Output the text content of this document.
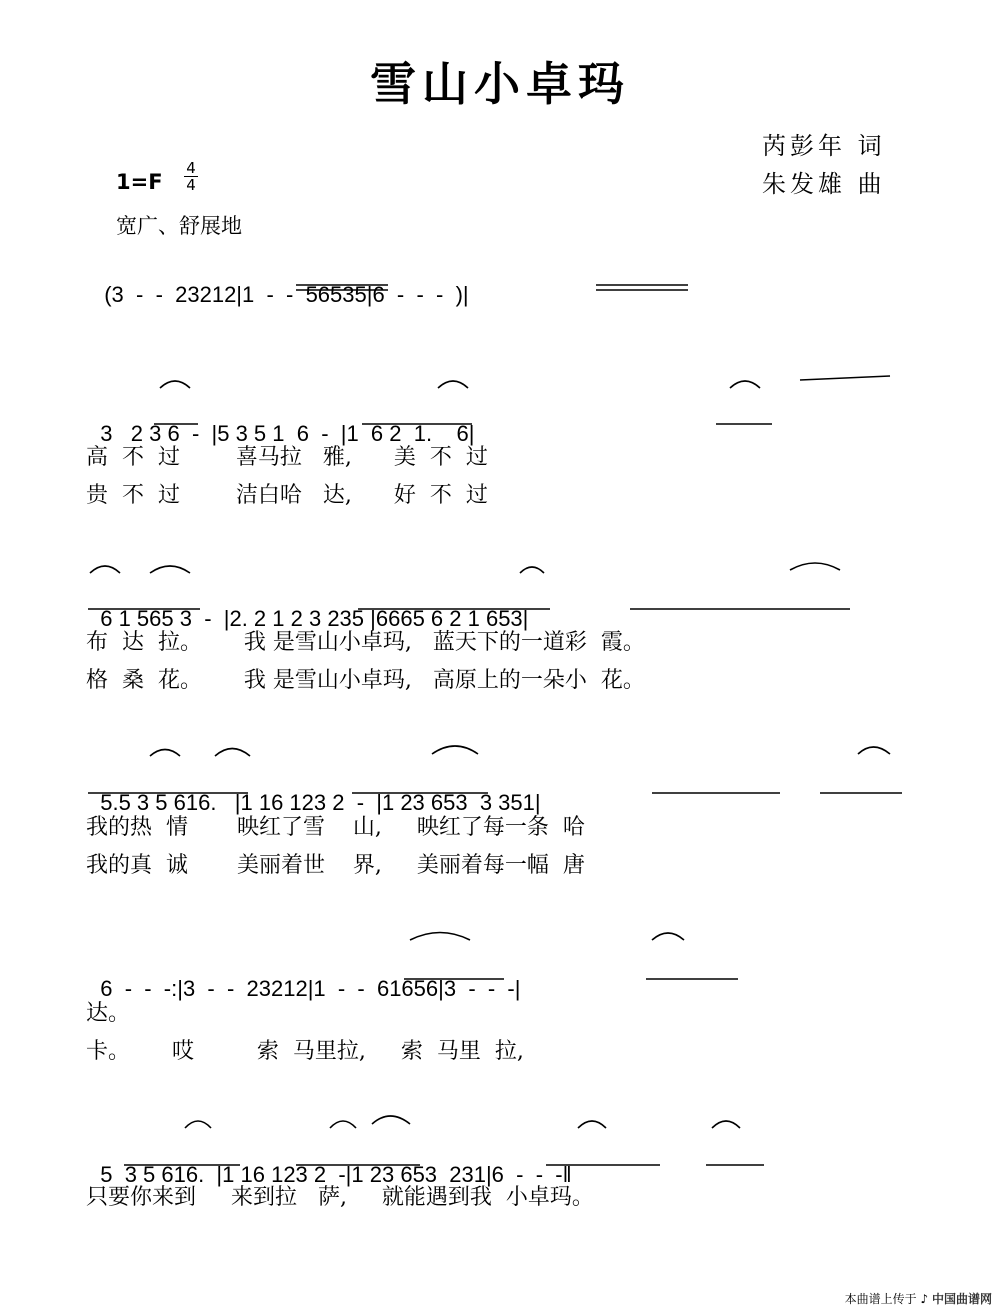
雪山小卓玛
芮彭年 词
朱发雄 曲
1=F
4
4
宽广、舒展地

(3  -  -  23212|1  -  -  56535|6  -  -  -  )|

3   2 3 6  -  |5 3 5 1  6  -  |1  6 2  1.    6|

高  不  过        喜马拉   雅,      美  不  过
贵  不  过        洁白哈   达,      好  不  过

6 1 565 3  -  |2. 2 1 2 3 235 |6665 6 2 1 653|

布  达  拉。      我 是雪山小卓玛,   蓝天下的一道彩  霞。
格  桑  花。      我 是雪山小卓玛,   高原上的一朵小  花。

5.5 3 5 616.   |1 16 123 2  -  |1 23 653  3 351|

我的热  情       映红了雪    山,     映红了每一条  哈
我的真  诚       美丽着世    界,     美丽着每一幅  唐

6  -  -  -:|3  -  -  23212|1  -  -  61656|3  -  -  -|

达。
卡。      哎         索  马里拉,     索  马里  拉,

5  3 5 616.  |1 16 123 2  -|1 23 653  231|6  -  -  -‖

只要你来到     来到拉   萨,     就能遇到我  小卓玛。
本曲谱上传于 ♪ 中国曲谱网
